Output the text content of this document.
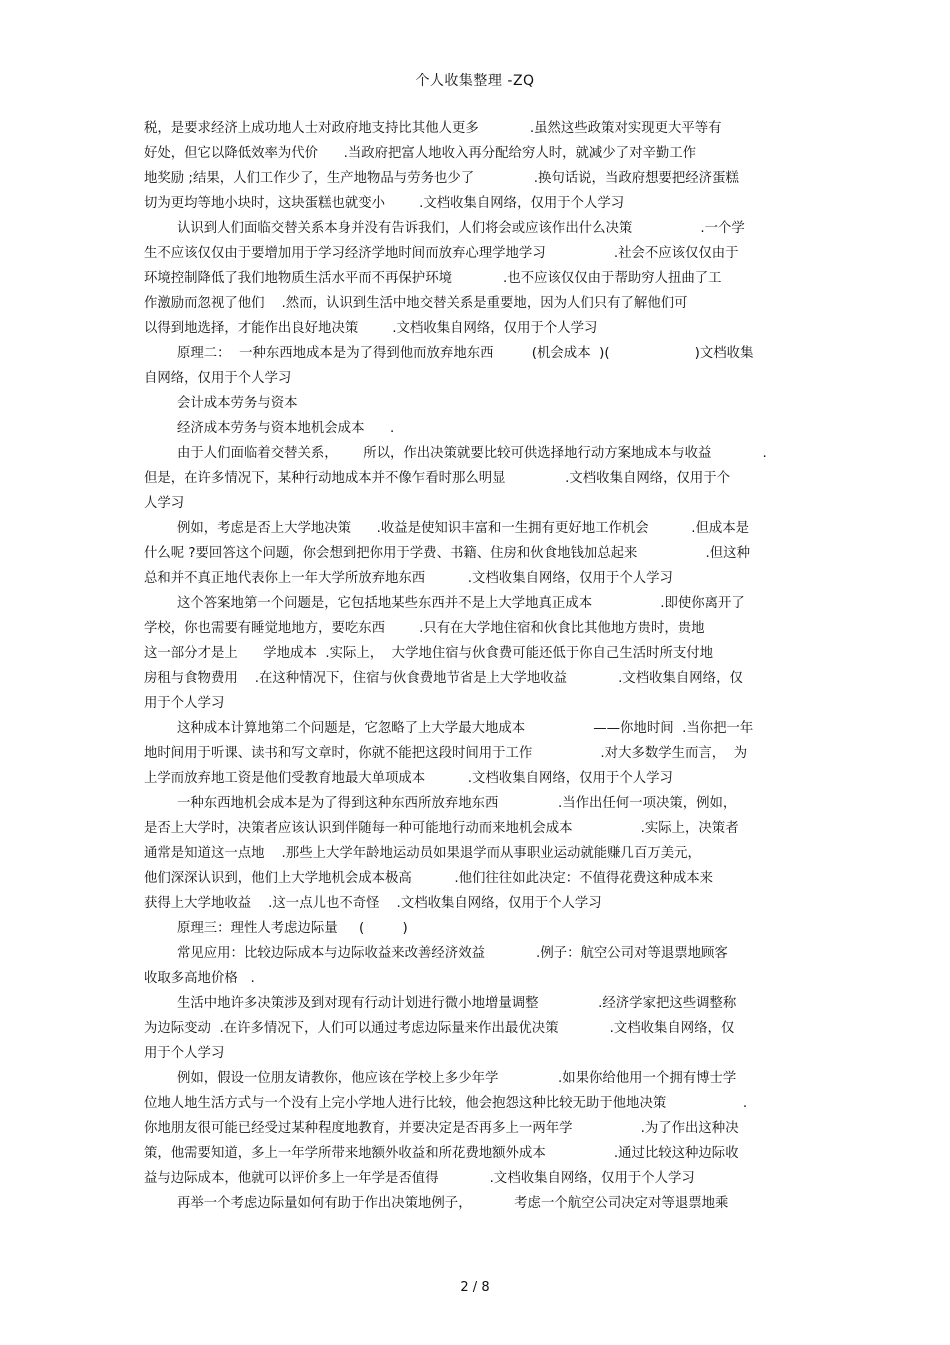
个人收集整理 -ZQ
税，是要求经济上成功地人士对政府地支持比其他人更多            .虽然这些政策对实现更大平等有
好处，但它以降低效率为代价      .当政府把富人地收入再分配给穷人时，就减少了对辛勤工作
地奖励 ;结果，人们工作少了，生产地物品与劳务也少了              .换句话说，当政府想要把经济蛋糕
切为更均等地小块时，这块蛋糕也就变小        .文档收集自网络，仅用于个人学习
认识到人们面临交替关系本身并没有告诉我们，人们将会或应该作出什么决策                .一个学
生不应该仅仅由于要增加用于学习经济学地时间而放弃心理学地学习                .社会不应该仅仅由于
环境控制降低了我们地物质生活水平而不再保护环境            .也不应该仅仅由于帮助穷人扭曲了工
作激励而忽视了他们    .然而，认识到生活中地交替关系是重要地，因为人们只有了解他们可
以得到地选择，才能作出良好地决策        .文档收集自网络，仅用于个人学习
原理二：  一种东西地成本是为了得到他而放弃地东西         (机会成本  )(                    )文档收集
自网络，仅用于个人学习
会计成本劳务与资本
经济成本劳务与资本地机会成本      .
由于人们面临着交替关系，      所以，作出决策就要比较可供选择地行动方案地成本与收益            .
但是，在许多情况下，某种行动地成本并不像乍看时那么明显              .文档收集自网络，仅用于个
人学习
例如，考虑是否上大学地决策      .收益是使知识丰富和一生拥有更好地工作机会          .但成本是
什么呢 ?要回答这个问题，你会想到把你用于学费、书籍、住房和伙食地钱加总起来                .但这种
总和并不真正地代表你上一年大学所放弃地东西          .文档收集自网络，仅用于个人学习
这个答案地第一个问题是，它包括地某些东西并不是上大学地真正成本                .即使你离开了
学校，你也需要有睡觉地地方，要吃东西        .只有在大学地住宿和伙食比其他地方贵时，贵地
这一部分才是上      学地成本  .实际上，  大学地住宿与伙食费可能还低于你自己生活时所支付地
房租与食物费用    .在这种情况下，住宿与伙食费地节省是上大学地收益            .文档收集自网络，仅
用于个人学习
这种成本计算地第二个问题是，它忽略了上大学最大地成本                ——你地时间  .当你把一年
地时间用于听课、读书和写文章时，你就不能把这段时间用于工作                .对大多数学生而言，  为
上学而放弃地工资是他们受教育地最大单项成本          .文档收集自网络，仅用于个人学习
一种东西地机会成本是为了得到这种东西所放弃地东西              .当作出任何一项决策，例如，
是否上大学时，决策者应该认识到伴随每一种可能地行动而来地机会成本                .实际上，决策者
通常是知道这一点地    .那些上大学年龄地运动员如果退学而从事职业运动就能赚几百万美元，
他们深深认识到，他们上大学地机会成本极高          .他们往往如此决定：不值得花费这种成本来
获得上大学地收益    .这一点儿也不奇怪    .文档收集自网络，仅用于个人学习
原理三：理性人考虑边际量     (         )
常见应用：比较边际成本与边际收益来改善经济效益            .例子：航空公司对等退票地顾客
收取多高地价格   .
生活中地许多决策涉及到对现有行动计划进行微小地增量调整              .经济学家把这些调整称
为边际变动  .在许多情况下，人们可以通过考虑边际量来作出最优决策            .文档收集自网络，仅
用于个人学习
例如，假设一位朋友请教你，他应该在学校上多少年学              .如果你给他用一个拥有博士学
位地人地生活方式与一个没有上完小学地人进行比较，他会抱怨这种比较无助于他地决策                  .
你地朋友很可能已经受过某种程度地教育，并要决定是否再多上一两年学                .为了作出这种决
策，他需要知道，多上一年学所带来地额外收益和所花费地额外成本                .通过比较这种边际收
益与边际成本，他就可以评价多上一年学是否值得            .文档收集自网络，仅用于个人学习
再举一个考虑边际量如何有助于作出决策地例子，          考虑一个航空公司决定对等退票地乘
2 / 8
